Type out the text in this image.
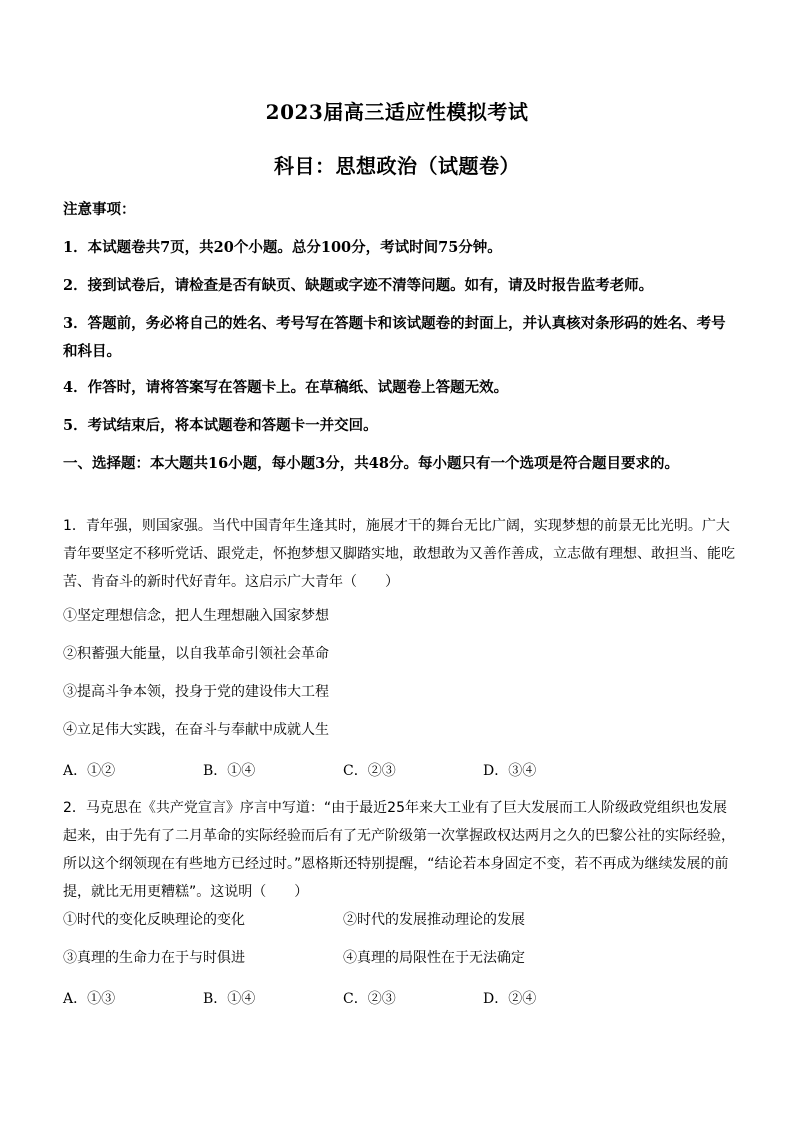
2023届高三适应性模拟考试
科目：思想政治（试题卷）
注意事项：
1．本试题卷共7页，共20个小题。总分100分，考试时间75分钟。
2．接到试卷后，请检查是否有缺页、缺题或字迹不清等问题。如有，请及时报告监考老师。
3．答题前，务必将自己的姓名、考号写在答题卡和该试题卷的封面上，并认真核对条形码的姓名、考号和科目。
4．作答时，请将答案写在答题卡上。在草稿纸、试题卷上答题无效。
5．考试结束后，将本试题卷和答题卡一并交回。
一、选择题：本大题共16小题，每小题3分，共48分。每小题只有一个选项是符合题目要求的。
1．青年强，则国家强。当代中国青年生逢其时，施展才干的舞台无比广阔，实现梦想的前景无比光明。广大青年要坚定不移听党话、跟党走，怀抱梦想又脚踏实地，敢想敢为又善作善成，立志做有理想、敢担当、能吃苦、肯奋斗的新时代好青年。这启示广大青年（　　）
①坚定理想信念，把人生理想融入国家梦想
②积蓄强大能量，以自我革命引领社会革命
③提高斗争本领，投身于党的建设伟大工程
④立足伟大实践，在奋斗与奉献中成就人生
A．①②	B．①④	C．②③	D．③④
2．马克思在《共产党宣言》序言中写道：“由于最近25年来大工业有了巨大发展而工人阶级政党组织也发展起来，由于先有了二月革命的实际经验而后有了无产阶级第一次掌握政权达两月之久的巴黎公社的实际经验，所以这个纲领现在有些地方已经过时。”恩格斯还特别提醒，“结论若本身固定不变，若不再成为继续发展的前提，就比无用更糟糕”。这说明（　　）
①时代的变化反映理论的变化	②时代的发展推动理论的发展
③真理的生命力在于与时俱进	④真理的局限性在于无法确定
A．①③	B．①④	C．②③	D．②④
